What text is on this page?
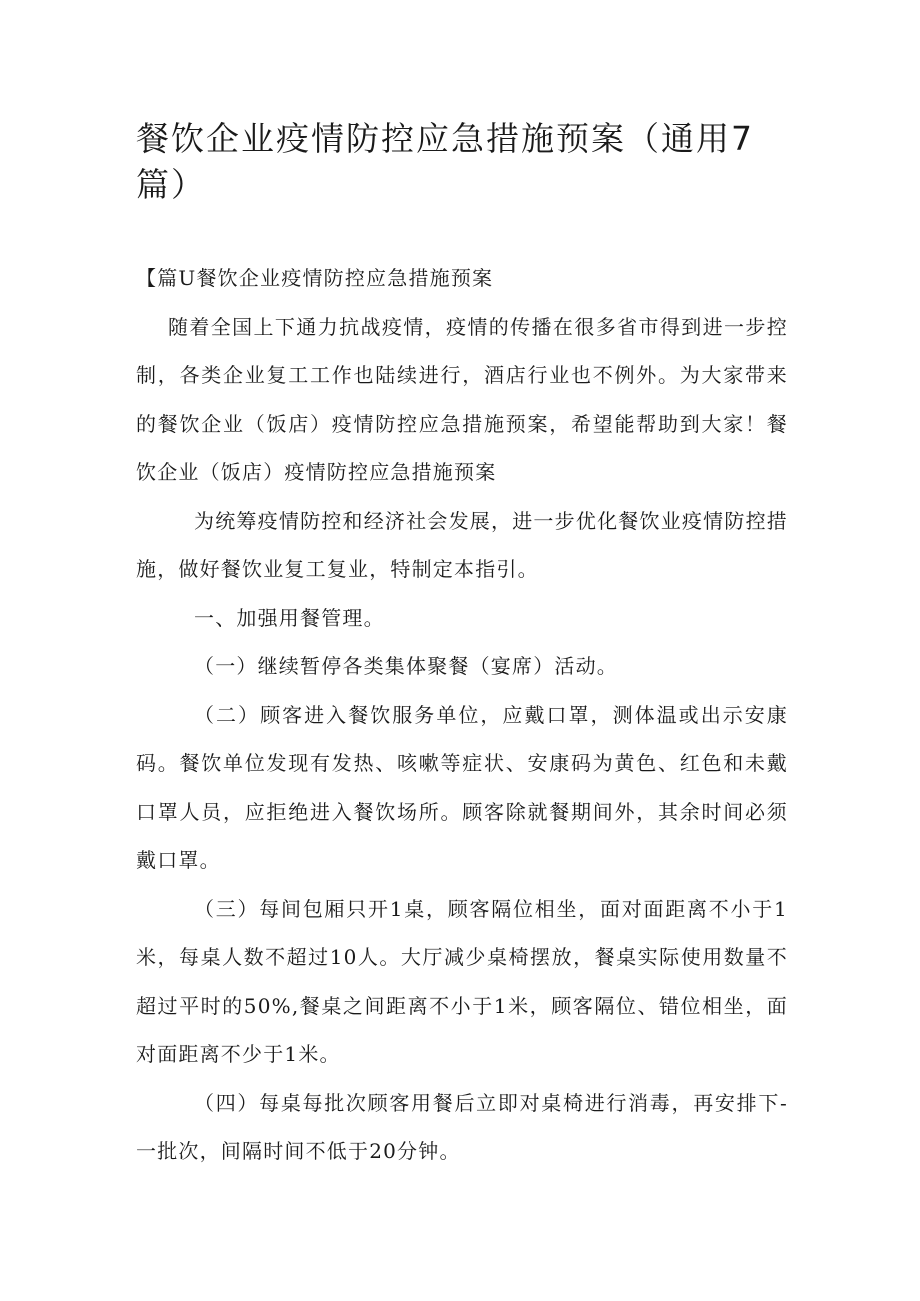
餐饮企业疫情防控应急措施预案（通用7篇）

【篇U餐饮企业疫情防控应急措施预案

随着全国上下通力抗战疫情，疫情的传播在很多省市得到进一步控制，各类企业复工工作也陆续进行，酒店行业也不例外。为大家带来的餐饮企业（饭店）疫情防控应急措施预案，希望能帮助到大家！餐饮企业（饭店）疫情防控应急措施预案

为统筹疫情防控和经济社会发展，进一步优化餐饮业疫情防控措施，做好餐饮业复工复业，特制定本指引。

一、加强用餐管理。

（一）继续暂停各类集体聚餐（宴席）活动。

（二）顾客进入餐饮服务单位，应戴口罩，测体温或出示安康码。餐饮单位发现有发热、咳嗽等症状、安康码为黄色、红色和未戴口罩人员，应拒绝进入餐饮场所。顾客除就餐期间外，其余时间必须戴口罩。

（三）每间包厢只开1桌，顾客隔位相坐，面对面距离不小于1米，每桌人数不超过10人。大厅减少桌椅摆放，餐桌实际使用数量不超过平时的50%,餐桌之间距离不小于1米，顾客隔位、错位相坐，面对面距离不少于1米。

（四）每桌每批次顾客用餐后立即对桌椅进行消毒，再安排下-一批次，间隔时间不低于20分钟。
